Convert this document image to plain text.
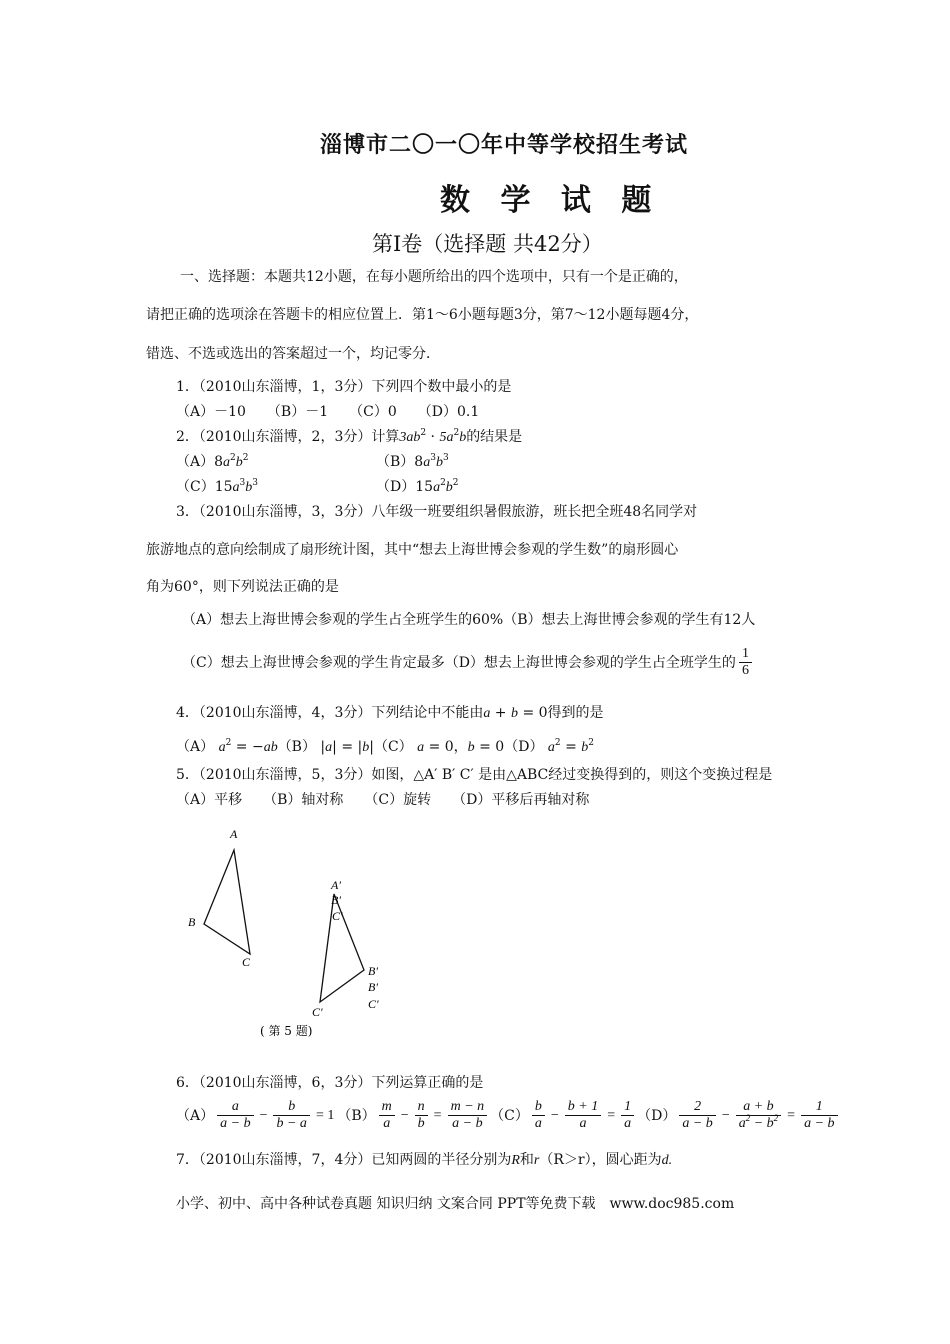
淄博市二〇一〇年中等学校招生考试
数 学 试 题
第Ⅰ卷（选择题 共42分）
一、选择题：本题共12小题，在每小题所给出的四个选项中，只有一个是正确的，
请把正确的选项涂在答题卡的相应位置上．第1～6小题每题3分，第7～12小题每题4分，
错选、不选或选出的答案超过一个，均记零分．
1．（2010山东淄博，1，3分）下列四个数中最小的是
（A）－10　　（B）－1　　（C）0　　（D）0.1
2．（2010山东淄博，2，3分）计算$3ab^2 \cdot 5a^2b$的结果是
$(A)8a^2b^2$	$(B)8a^3b^3$
$(C)15a^3b^3$	$(D)15a^2b^2$
3．（2010山东淄博，3，3分）八年级一班要组织暑假旅游，班长把全班48名同学对
旅游地点的意向绘制成了扇形统计图，其中“想去上海世博会参观的学生数”的扇形圆心
角为60°，则下列说法正确的是
（A）想去上海世博会参观的学生占全班学生的60%（B）想去上海世博会参观的学生有12人
（C）想去上海世博会参观的学生肯定最多（D）想去上海世博会参观的学生占全班学生的 $\frac{1}{6}$
4．（2010山东淄博，4，3分）下列结论中不能由a + b = 0得到的是
（A） $a^2 = -ab(B) |a| = |b|(C) a = 0$，b = 0（D） $a^2 = b^2$
5．（2010山东淄博，5，3分）如图，△A′ B′ C′ 是由△ABC经过变换得到的，则这个变换过程是
（A）平移　　（B）轴对称　　（C）旋转　　（D）平移后再轴对称
A
B
C
A′
B′
C′
B′
B′
C′
C′
( 第 5 题)
6．（2010山东淄博，6，3分）下列运算正确的是
$(A) \frac{a}{a - b} - \frac{b}{b - a} = 1$ $(B) \frac{m}{a} - \frac{n}{b} = \frac{m - n}{a - b} (C) \frac{b}{a} - \frac{b + 1}{a} = \frac{1}{a} (D) \frac{2}{a - b} - \frac{a + b}{a^2 - b^2} = \frac{1}{a - b}$
7．（2010山东淄博，7，4分）已知两圆的半径分别为R和r（R＞r），圆心距为d.
小学、初中、高中各种试卷真题 知识归纳 文案合同 PPT等免费下载　www.doc985.com
